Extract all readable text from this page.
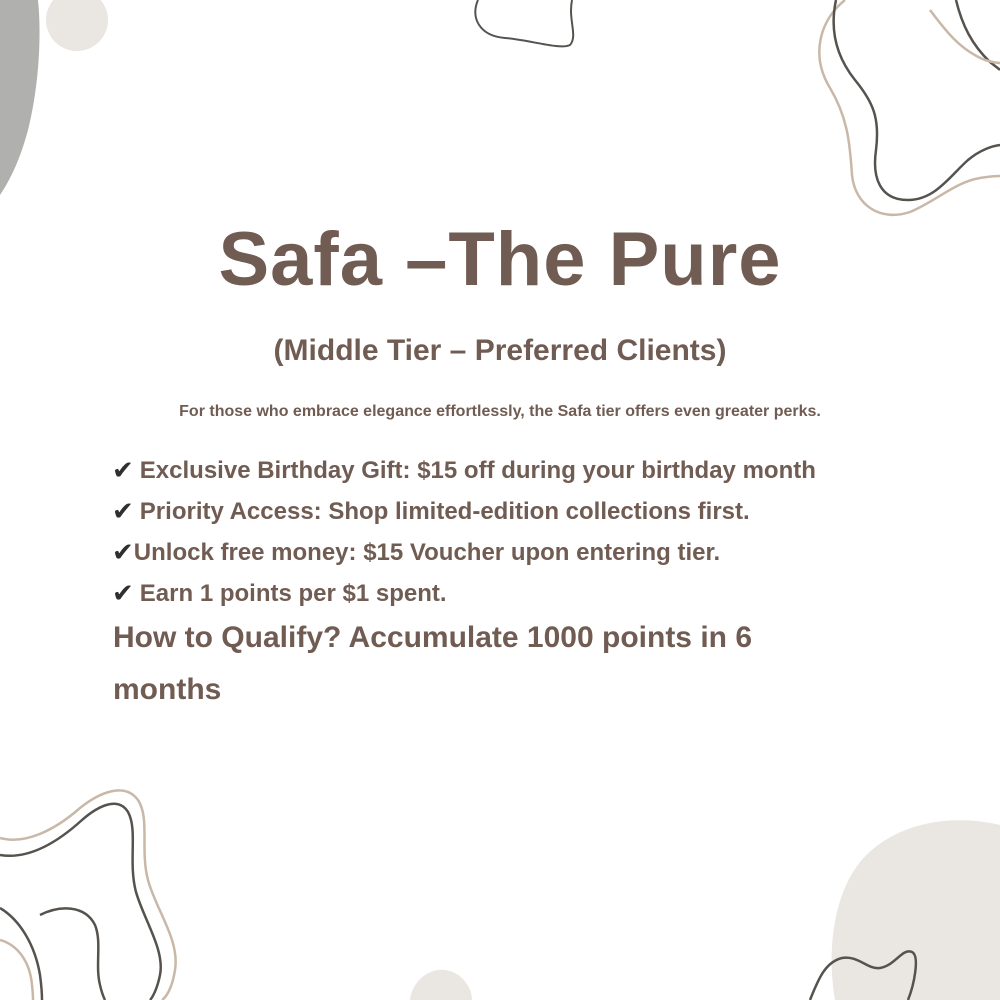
Safa –The Pure
(Middle Tier – Preferred Clients)

For those who embrace elegance effortlessly, the Safa tier offers even greater perks.

✔ Exclusive Birthday Gift: $15 off during your birthday month
✔ Priority Access: Shop limited-edition collections first.
✔ Unlock free money: $15 Voucher upon entering tier.
✔ Earn 1 points per $1 spent.

How to Qualify? Accumulate 1000 points in 6 months
